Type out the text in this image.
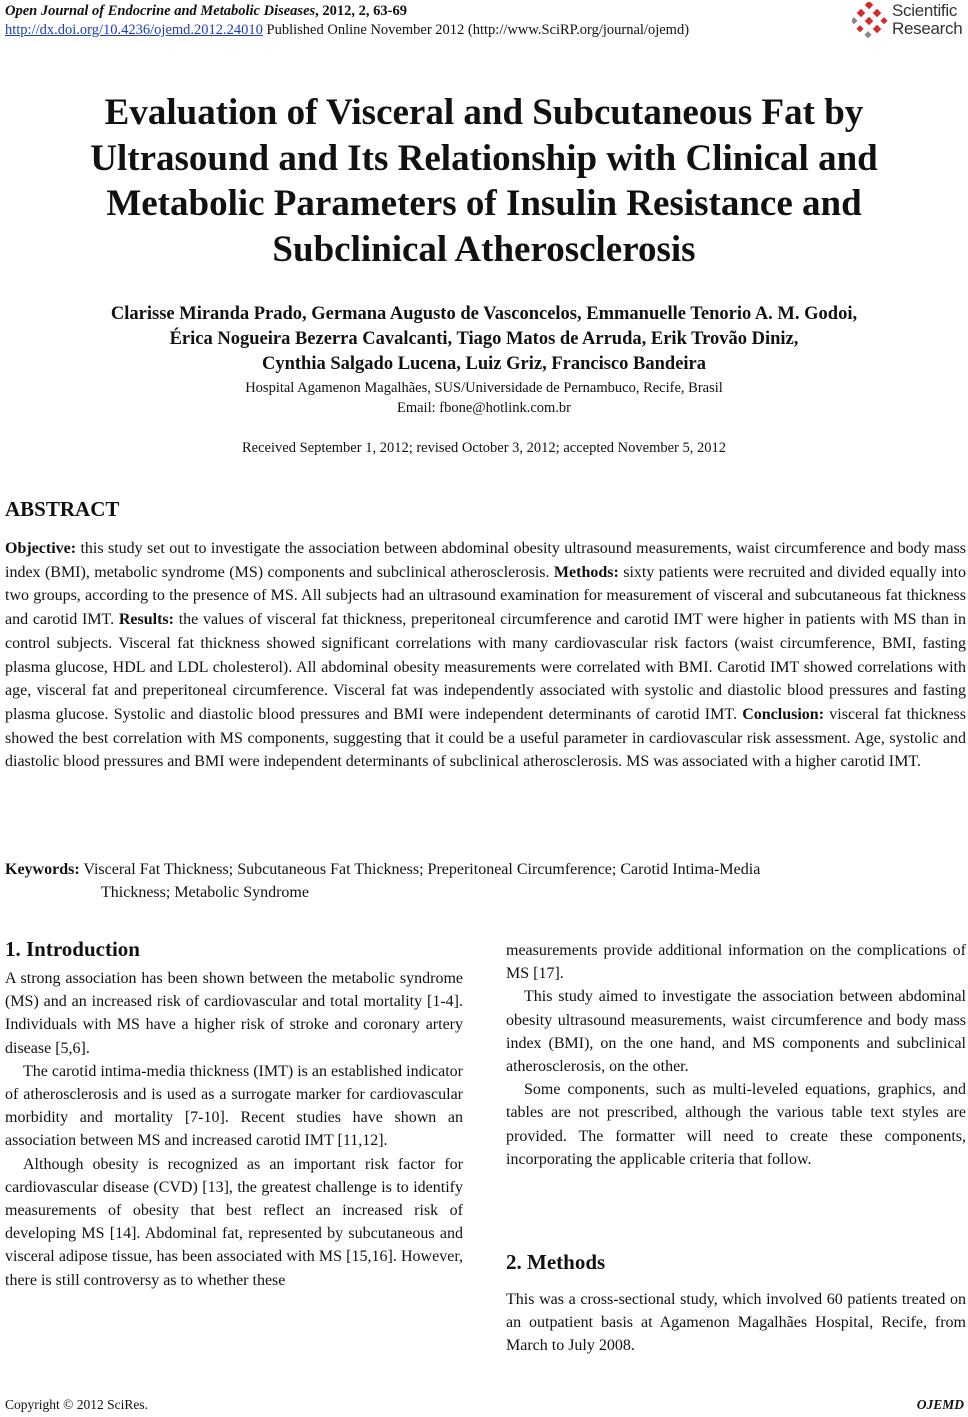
Open Journal of Endocrine and Metabolic Diseases, 2012, 2, 63-69
http://dx.doi.org/10.4236/ojemd.2012.24010 Published Online November 2012 (http://www.SciRP.org/journal/ojemd)
Scientific
Research
Evaluation of Visceral and Subcutaneous Fat by Ultrasound and Its Relationship with Clinical and Metabolic Parameters of Insulin Resistance and Subclinical Atherosclerosis
Clarisse Miranda Prado, Germana Augusto de Vasconcelos, Emmanuelle Tenorio A. M. Godoi,
Érica Nogueira Bezerra Cavalcanti, Tiago Matos de Arruda, Erik Trovão Diniz,
Cynthia Salgado Lucena, Luiz Griz, Francisco Bandeira
Hospital Agamenon Magalhães, SUS/Universidade de Pernambuco, Recife, Brasil
Email: fbone@hotlink.com.br
Received September 1, 2012; revised October 3, 2012; accepted November 5, 2012
ABSTRACT
Objective: this study set out to investigate the association between abdominal obesity ultrasound measurements, waist circumference and body mass index (BMI), metabolic syndrome (MS) components and subclinical atherosclerosis. Methods: sixty patients were recruited and divided equally into two groups, according to the presence of MS. All subjects had an ultrasound examination for measurement of visceral and subcutaneous fat thickness and carotid IMT. Results: the values of visceral fat thickness, preperitoneal circumference and carotid IMT were higher in patients with MS than in control subjects. Visceral fat thickness showed significant correlations with many cardiovascular risk factors (waist circumference, BMI, fasting plasma glucose, HDL and LDL cholesterol). All abdominal obesity measurements were correlated with BMI. Carotid IMT showed correlations with age, visceral fat and preperitoneal circumference. Visceral fat was independently associated with systolic and diastolic blood pressures and fasting plasma glucose. Systolic and diastolic blood pressures and BMI were independent determinants of carotid IMT. Conclusion: visceral fat thickness showed the best correlation with MS components, suggesting that it could be a useful parameter in cardiovascular risk assessment. Age, systolic and diastolic blood pressures and BMI were independent determinants of subclinical atherosclerosis. MS was associated with a higher carotid IMT.
Keywords: Visceral Fat Thickness; Subcutaneous Fat Thickness; Preperitoneal Circumference; Carotid Intima-Media
Thickness; Metabolic Syndrome
1. Introduction

A strong association has been shown between the metabolic syndrome (MS) and an increased risk of cardiovascular and total mortality [1-4]. Individuals with MS have a higher risk of stroke and coronary artery disease [5,6].

The carotid intima-media thickness (IMT) is an established indicator of atherosclerosis and is used as a surrogate marker for cardiovascular morbidity and mortality [7-10]. Recent studies have shown an association between MS and increased carotid IMT [11,12].

Although obesity is recognized as an important risk factor for cardiovascular disease (CVD) [13], the greatest challenge is to identify measurements of obesity that best reflect an increased risk of developing MS [14]. Abdominal fat, represented by subcutaneous and visceral adipose tissue, has been associated with MS [15,16]. However, there is still controversy as to whether these

measurements provide additional information on the complications of MS [17].

This study aimed to investigate the association between abdominal obesity ultrasound measurements, waist circumference and body mass index (BMI), on the one hand, and MS components and subclinical atherosclerosis, on the other.

Some components, such as multi-leveled equations, graphics, and tables are not prescribed, although the various table text styles are provided. The formatter will need to create these components, incorporating the applicable criteria that follow.

2. Methods

This was a cross-sectional study, which involved 60 patients treated on an outpatient basis at Agamenon Magalhães Hospital, Recife, from March to July 2008.

Copyright © 2012 SciRes.	OJEMD
